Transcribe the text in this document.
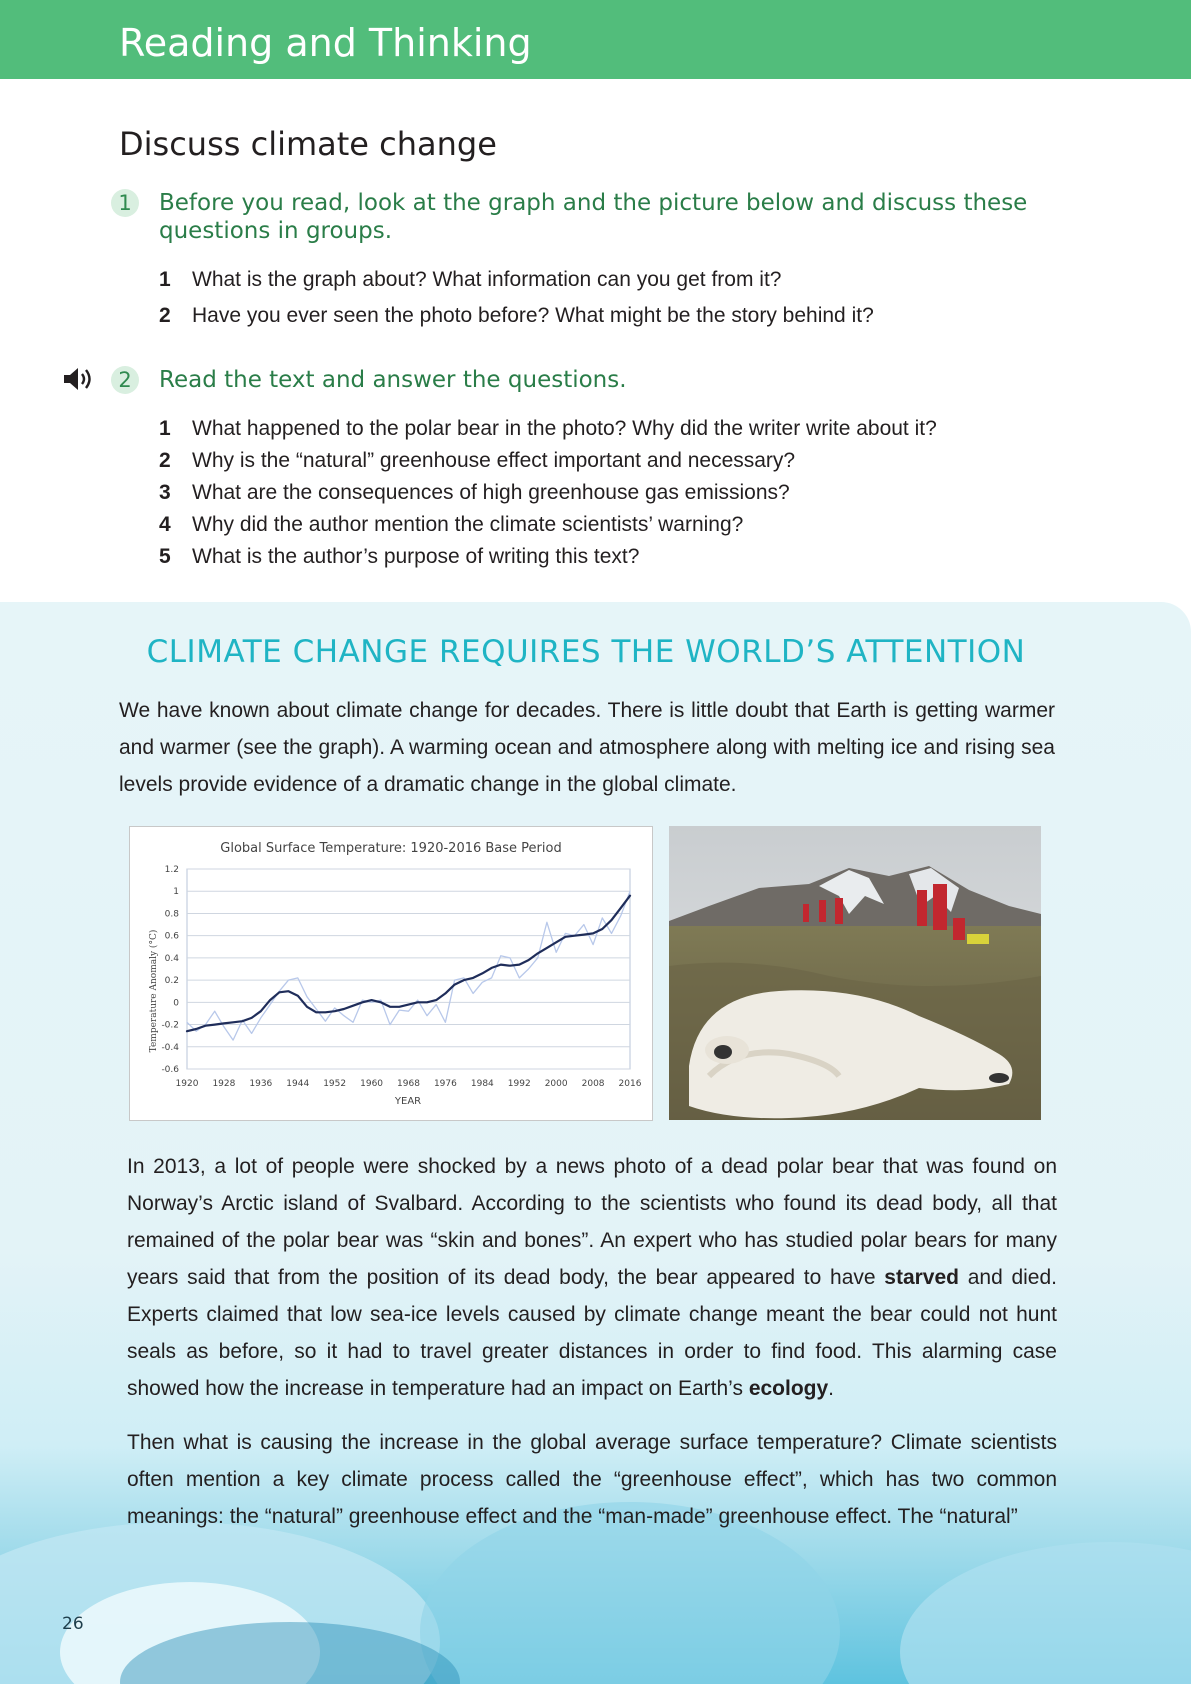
Reading and Thinking
Discuss climate change
1	Before you read, look at the graph and the picture below and discuss these
questions in groups.
1 What is the graph about? What information can you get from it?
2 Have you ever seen the photo before? What might be the story behind it?
2	Read the text and answer the questions.
1 What happened to the polar bear in the photo? Why did the writer write about it?
2 Why is the “natural” greenhouse effect important and necessary?
3 What are the consequences of high greenhouse gas emissions?
4 Why did the author mention the climate scientists’ warning?
5 What is the author’s purpose of writing this text?
CLIMATE CHANGE REQUIRES THE WORLD’S ATTENTION
We have known about climate change for decades. There is little doubt that Earth is getting warmer and warmer (see the graph). A warming ocean and atmosphere along with melting ice and rising sea levels provide evidence of a dramatic change in the global climate.
Global Surface Temperature: 1920-2016 Base Period
YEAR
Temperature Anomaly (°C)
1.2
1
0.8
0.6
0.4
0.2
0
-0.2
-0.4
-0.6
1920 1928 1936 1944 1952 1960 1968 1976 1984 1992 2000 2008 2016
In 2013, a lot of people were shocked by a news photo of a dead polar bear that was found on Norway’s Arctic island of Svalbard. According to the scientists who found its dead body, all that remained of the polar bear was “skin and bones”. An expert who has studied polar bears for many years said that from the position of its dead body, the bear appeared to have starved and died. Experts claimed that low sea-ice levels caused by climate change meant the bear could not hunt seals as before, so it had to travel greater distances in order to find food. This alarming case showed how the increase in temperature had an impact on Earth’s ecology.
Then what is causing the increase in the global average surface temperature? Climate scientists often mention a key climate process called the “greenhouse effect”, which has two common meanings: the “natural” greenhouse effect and the “man-made” greenhouse effect. The “natural”
26
